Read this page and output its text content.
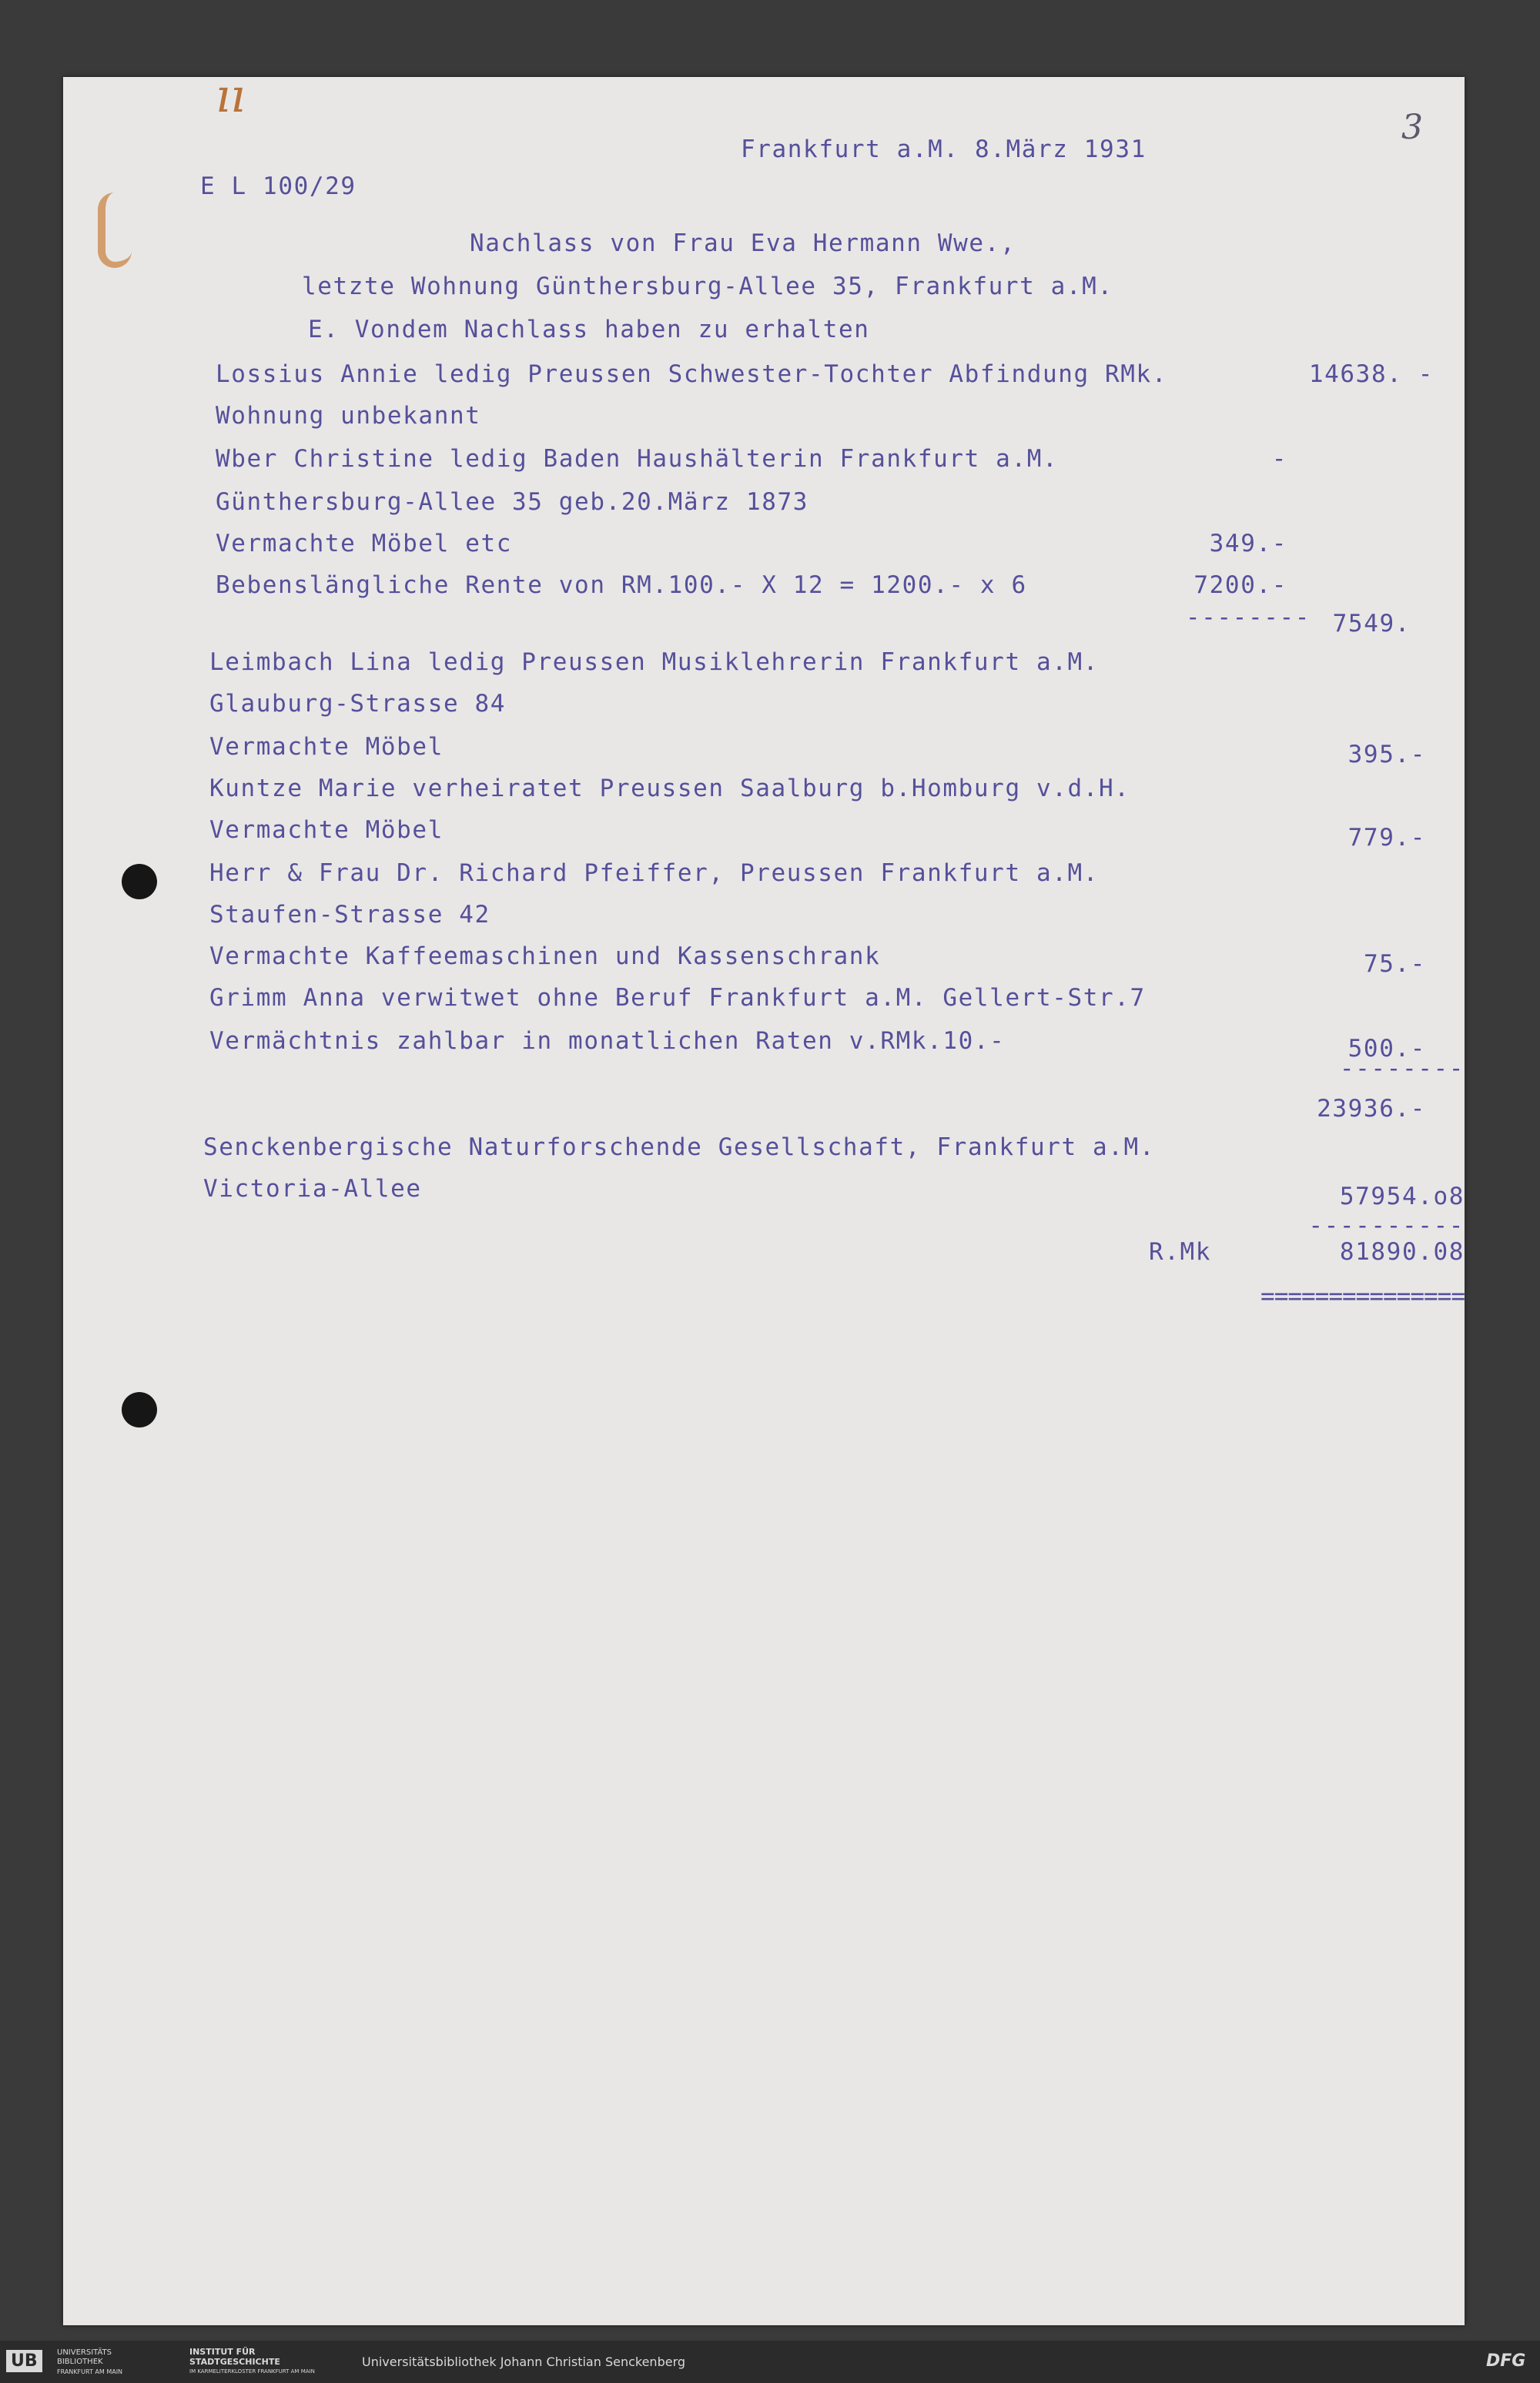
ıı
3
E L 100/29
Frankfurt a.M. 8.März 1931
Nachlass von Frau Eva Hermann Wwe.,
letzte Wohnung Günthersburg-Allee 35, Frankfurt a.M.
E. Vondem Nachlass haben zu erhalten
Lossius Annie ledig Preussen Schwester-Tochter Abfindung RMk.	14638. -
Wohnung unbekannt
Wber Christine ledig Baden Haushälterin Frankfurt a.M.	-
Günthersburg-Allee 35 geb.20.März 1873
Vermachte Möbel etc	349.-
Bebenslängliche Rente von RM.100.- X 12 = 1200.- x 6	7200.-
-------- 7549.
Leimbach Lina ledig Preussen Musiklehrerin Frankfurt a.M.
Glauburg-Strasse 84
Vermachte Möbel	395.-
Kuntze Marie verheiratet Preussen Saalburg b.Homburg v.d.H.
Vermachte Möbel	779.-
Herr & Frau Dr. Richard Pfeiffer, Preussen Frankfurt a.M.
Staufen-Strasse 42
Vermachte Kaffeemaschinen und Kassenschrank	75.-
Grimm Anna verwitwet ohne Beruf Frankfurt a.M. Gellert-Str.7
Vermächtnis zahlbar in monatlichen Raten v.RMk.10.-	500.-
--------
23936.-
Senckenbergische Naturforschende Gesellschaft, Frankfurt a.M.
Victoria-Allee	57954.o8
----------
R.Mk	81890.08
===============
UB	UNIVERSITÄTS BIBLIOTHEK
FRANKFURT AM MAIN
INSTITUT FÜR STADTGESCHICHTE
IM KARMELITERKLOSTER FRANKFURT AM MAIN
Universitätsbibliothek Johann Christian Senckenberg	DFG
